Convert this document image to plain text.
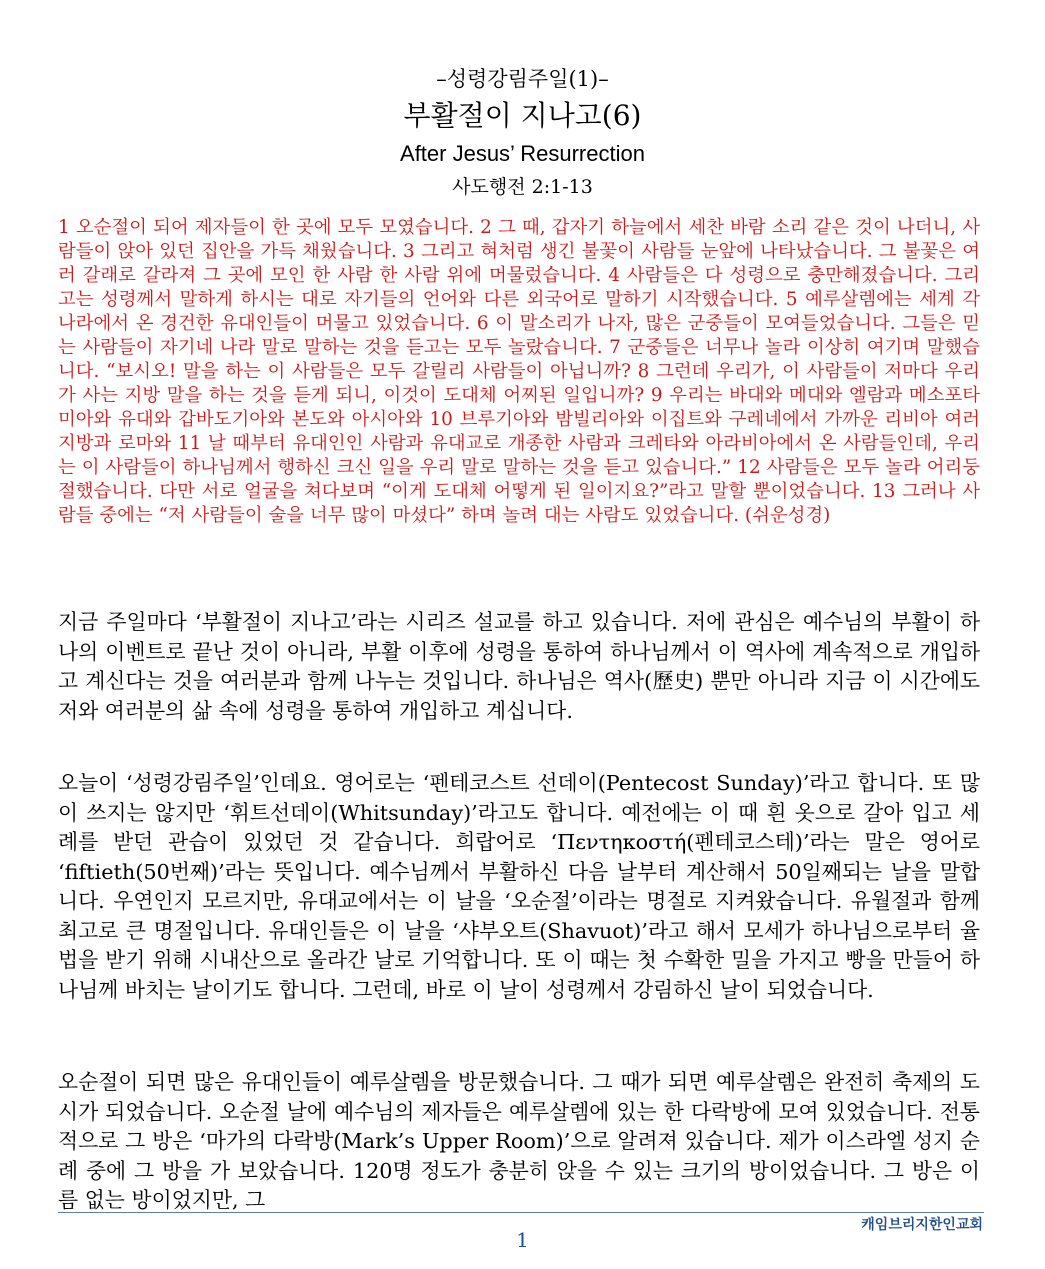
–성령강림주일(1)–
부활절이 지나고(6)
After Jesus’ Resurrection
사도행전 2:1-13

1 오순절이 되어 제자들이 한 곳에 모두 모였습니다. 2 그 때, 갑자기 하늘에서 세찬 바람 소리 같은 것이 나더니, 사람들이 앉아 있던 집안을 가득 채웠습니다. 3 그리고 혀처럼 생긴 불꽃이 사람들 눈앞에 나타났습니다. 그 불꽃은 여러 갈래로 갈라져 그 곳에 모인 한 사람 한 사람 위에 머물렀습니다. 4 사람들은 다 성령으로 충만해졌습니다. 그리고는 성령께서 말하게 하시는 대로 자기들의 언어와 다른 외국어로 말하기 시작했습니다. 5 예루살렘에는 세계 각 나라에서 온 경건한 유대인들이 머물고 있었습니다. 6 이 말소리가 나자, 많은 군중들이 모여들었습니다. 그들은 믿는 사람들이 자기네 나라 말로 말하는 것을 듣고는 모두 놀랐습니다. 7 군중들은 너무나 놀라 이상히 여기며 말했습니다. “보시오! 말을 하는 이 사람들은 모두 갈릴리 사람들이 아닙니까? 8 그런데 우리가, 이 사람들이 저마다 우리가 사는 지방 말을 하는 것을 듣게 되니, 이것이 도대체 어찌된 일입니까? 9 우리는 바대와 메대와 엘람과 메소포타미아와 유대와 갑바도기아와 본도와 아시아와 10 브루기아와 밤빌리아와 이집트와 구레네에서 가까운 리비아 여러 지방과 로마와 11 날 때부터 유대인인 사람과 유대교로 개종한 사람과 크레타와 아라비아에서 온 사람들인데, 우리는 이 사람들이 하나님께서 행하신 크신 일을 우리 말로 말하는 것을 듣고 있습니다.” 12 사람들은 모두 놀라 어리둥절했습니다. 다만 서로 얼굴을 쳐다보며 “이게 도대체 어떻게 된 일이지요?”라고 말할 뿐이었습니다. 13 그러나 사람들 중에는 “저 사람들이 술을 너무 많이 마셨다” 하며 놀려 대는 사람도 있었습니다. (쉬운성경)

지금 주일마다 ‘부활절이 지나고’라는 시리즈 설교를 하고 있습니다. 저에 관심은 예수님의 부활이 하나의 이벤트로 끝난 것이 아니라, 부활 이후에 성령을 통하여 하나님께서 이 역사에 계속적으로 개입하고 계신다는 것을 여러분과 함께 나누는 것입니다. 하나님은 역사(歷史) 뿐만 아니라 지금 이 시간에도 저와 여러분의 삶 속에 성령을 통하여 개입하고 계십니다.

오늘이 ‘성령강림주일’인데요. 영어로는 ‘펜테코스트 선데이(Pentecost Sunday)’라고 합니다. 또 많이 쓰지는 않지만 ‘휘트선데이(Whitsunday)’라고도 합니다. 예전에는 이 때 흰 옷으로 갈아 입고 세례를 받던 관습이 있었던 것 같습니다. 희랍어로 ‘Πεντηκοστή(펜테코스테)’라는 말은 영어로 ‘fiftieth(50번째)’라는 뜻입니다. 예수님께서 부활하신 다음 날부터 계산해서 50일째되는 날을 말합니다. 우연인지 모르지만, 유대교에서는 이 날을 ‘오순절’이라는 명절로 지켜왔습니다. 유월절과 함께 최고로 큰 명절입니다. 유대인들은 이 날을 ‘샤부오트(Shavuot)’라고 해서 모세가 하나님으로부터 율법을 받기 위해 시내산으로 올라간 날로 기억합니다. 또 이 때는 첫 수확한 밀을 가지고 빵을 만들어 하나님께 바치는 날이기도 합니다. 그런데, 바로 이 날이 성령께서 강림하신 날이 되었습니다.

오순절이 되면 많은 유대인들이 예루살렘을 방문했습니다. 그 때가 되면 예루살렘은 완전히 축제의 도시가 되었습니다. 오순절 날에 예수님의 제자들은 예루살렘에 있는 한 다락방에 모여 있었습니다. 전통적으로 그 방은 ‘마가의 다락방(Mark’s Upper Room)’으로 알려져 있습니다. 제가 이스라엘 성지 순례 중에 그 방을 가 보았습니다. 120명 정도가 충분히 앉을 수 있는 크기의 방이었습니다. 그 방은 이름 없는 방이었지만, 그

캐임브리지한인교회
1
